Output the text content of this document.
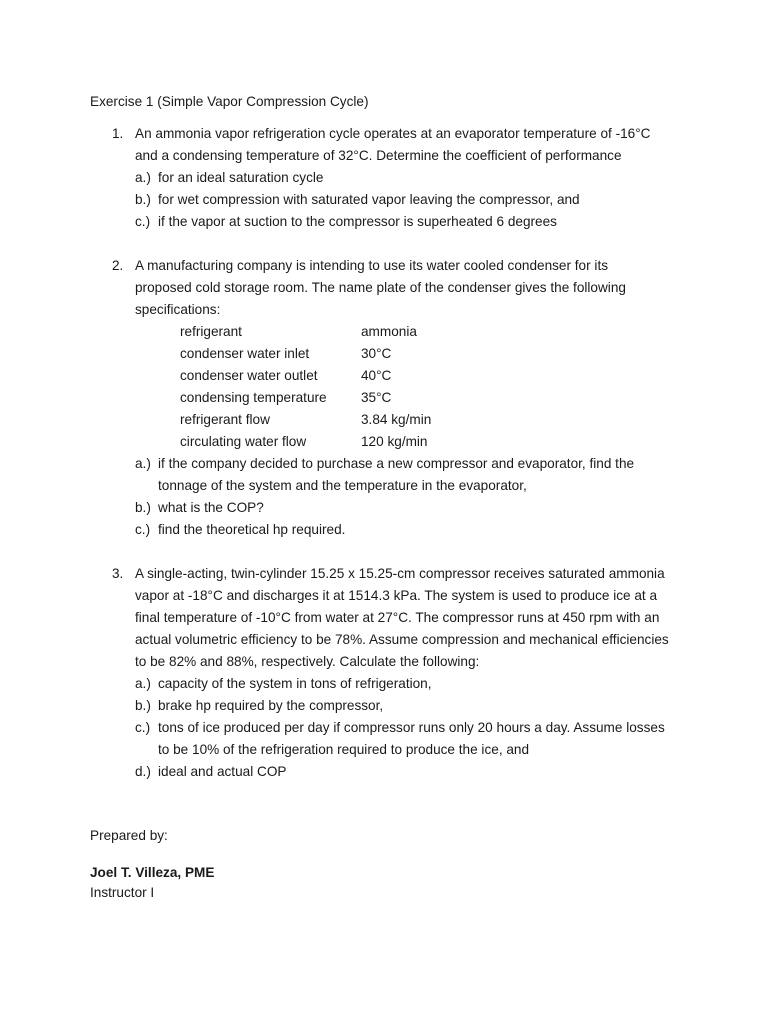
Exercise 1 (Simple Vapor Compression Cycle)
1. An ammonia vapor refrigeration cycle operates at an evaporator temperature of -16°C
and a condensing temperature of 32°C. Determine the coefficient of performance
a.) for an ideal saturation cycle
b.) for wet compression with saturated vapor leaving the compressor, and
c.) if the vapor at suction to the compressor is superheated 6 degrees
2. A manufacturing company is intending to use its water cooled condenser for its
proposed cold storage room. The name plate of the condenser gives the following
specifications:
refrigerant	ammonia
condenser water inlet	30°C
condenser water outlet	40°C
condensing temperature	35°C
refrigerant flow	3.84 kg/min
circulating water flow	120 kg/min
a.) if the company decided to purchase a new compressor and evaporator, find the
tonnage of the system and the temperature in the evaporator,
b.) what is the COP?
c.) find the theoretical hp required.
3. A single-acting, twin-cylinder 15.25 x 15.25-cm compressor receives saturated ammonia
vapor at -18°C and discharges it at 1514.3 kPa. The system is used to produce ice at a
final temperature of -10°C from water at 27°C. The compressor runs at 450 rpm with an
actual volumetric efficiency to be 78%. Assume compression and mechanical efficiencies
to be 82% and 88%, respectively. Calculate the following:
a.) capacity of the system in tons of refrigeration,
b.) brake hp required by the compressor,
c.) tons of ice produced per day if compressor runs only 20 hours a day. Assume losses
to be 10% of the refrigeration required to produce the ice, and
d.) ideal and actual COP
Prepared by:
Joel T. Villeza, PME
Instructor I
